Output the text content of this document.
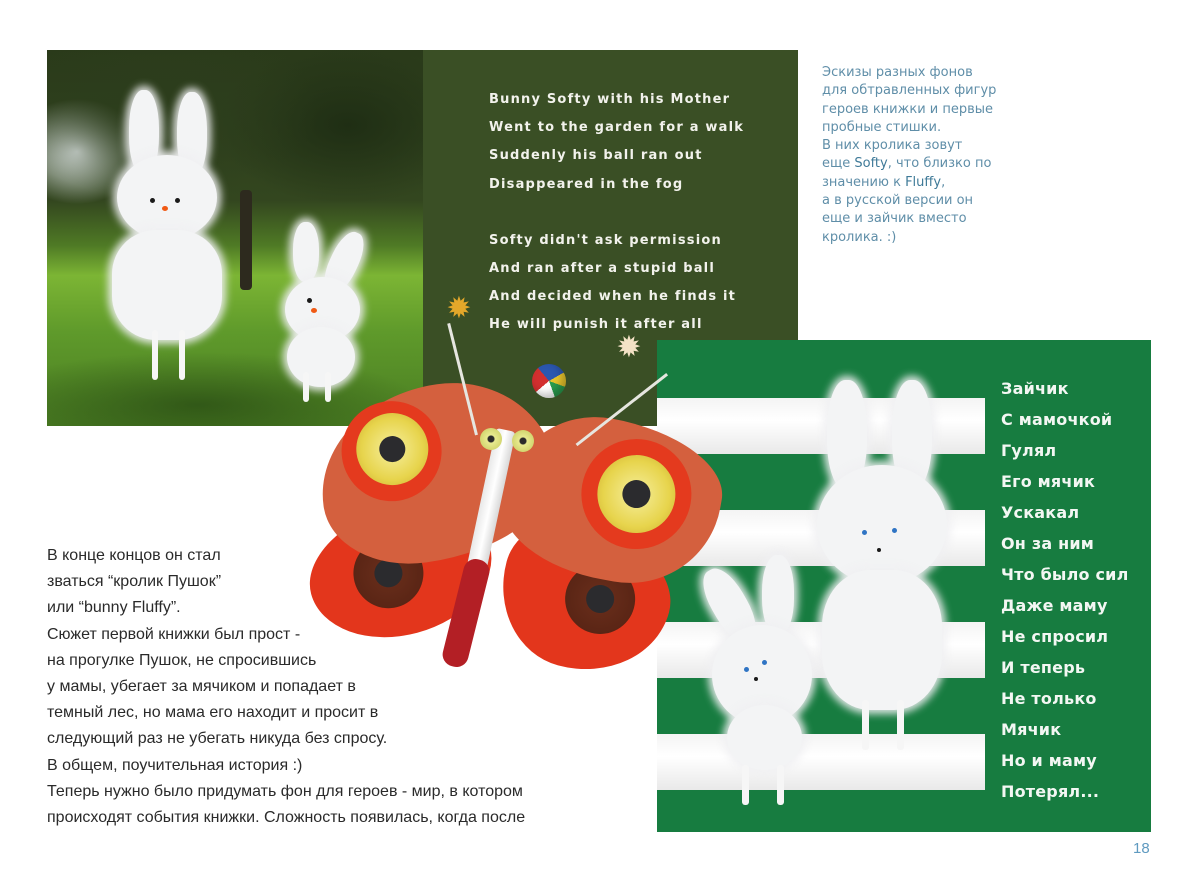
Bunny Softy with his Mother
Went to the garden for a walk
Suddenly his ball ran out
Disappeared in the fog
Softy didn't ask permission
And ran after a stupid ball
And decided when he finds it
He will punish it after all
Эскизы разных фонов
для обтравленных фигур
героев книжки и первые
пробные стишки.
В них кролика зовут
еще Softy, что близко по
значению к Fluffy,
а в русской версии он
еще и зайчик вместо
кролика. :)
Зайчик
С мамочкой
Гулял
Его мячик
Ускакал
Он за ним
Что было сил
Даже маму
Не спросил
И теперь
Не только
Мячик
Но и маму
Потерял...
✹
✹

В конце концов он стал

зваться “кролик Пушок”

или “bunny Fluffy”.

Сюжет первой книжки был прост -

на прогулке Пушок, не спросившись

у мамы, убегает за мячиком и попадает в

темный лес, но мама его находит и просит в

следующий раз не убегать никуда без спросу.

В общем, поучительная история :)

Теперь нужно было придумать фон для героев - мир, в котором

происходят события книжки. Сложность появилась, когда после

18
